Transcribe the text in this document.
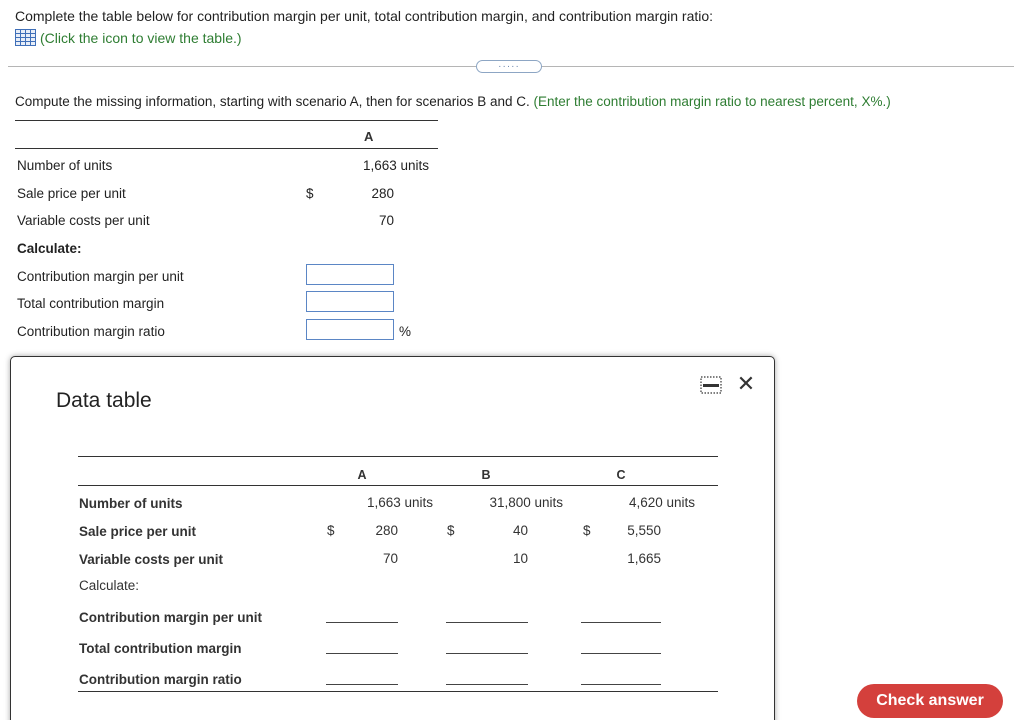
Complete the table below for contribution margin per unit, total contribution margin, and contribution margin ratio:
(Click the icon to view the table.)
·····
Compute the missing information, starting with scenario A, then for scenarios B and C. (Enter the contribution margin ratio to nearest percent, X%.)
A
Number of units	1,663 units
Sale price per unit	$	280
Variable costs per unit	70
Calculate:
Contribution margin per unit
Total contribution margin
Contribution margin ratio	%
Data table
✕
A	B	C
Number of units	1,663 units	31,800 units	4,620 units
Sale price per unit	$	280	$	40	$	5,550
Variable costs per unit	70	10	1,665
Calculate:
Contribution margin per unit
Total contribution margin
Contribution margin ratio
Check answer
